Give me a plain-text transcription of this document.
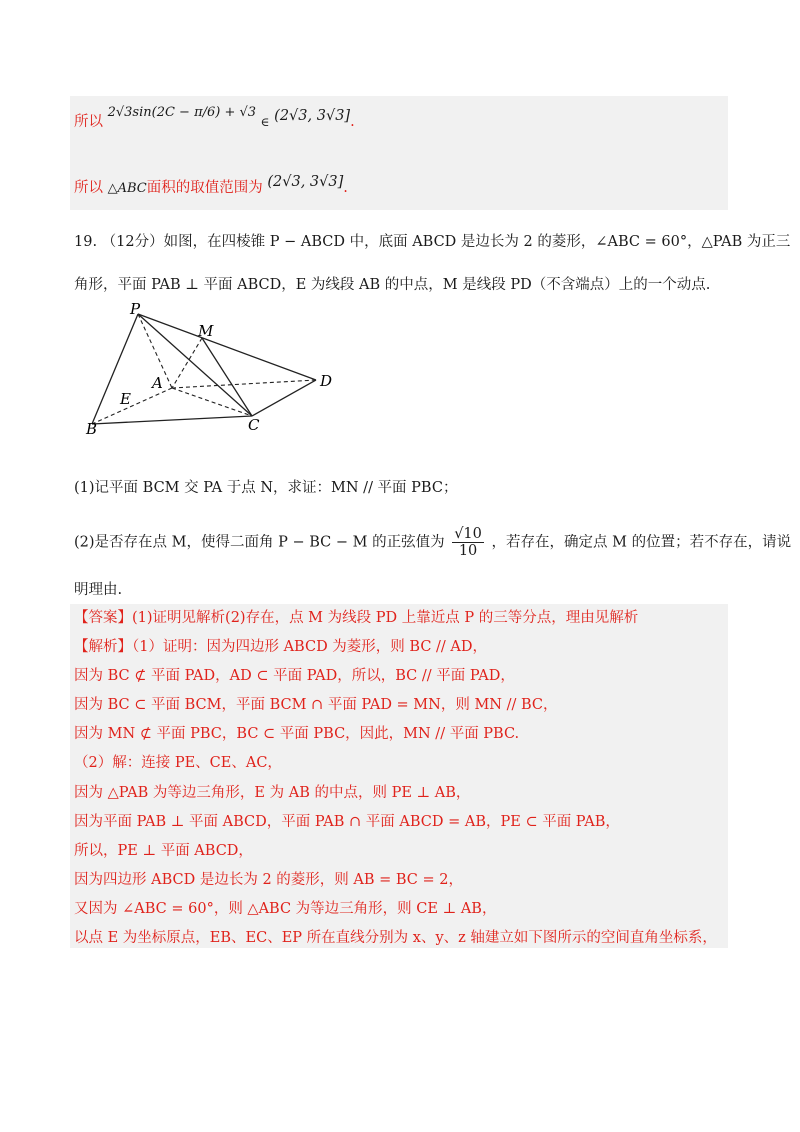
所以 2√3sin(2C − π/6) + √3 ∈ (2√3, 3√3].
所以 △ABC面积的取值范围为 (2√3, 3√3].
19. （12分）如图，在四棱锥 P − ABCD 中，底面 ABCD 是边长为 2 的菱形，∠ABC = 60°，△PAB 为正三
角形，平面 PAB ⊥ 平面 ABCD，E 为线段 AB 的中点，M 是线段 PD（不含端点）上的一个动点.
P
M
A
E
D
B	C
(1)记平面 BCM 交 PA 于点 N，求证：MN // 平面 PBC；
(2)是否存在点 M，使得二面角 P − BC − M 的正弦值为 $\frac{√10}{10}$ ，若存在，确定点 M 的位置；若不存在，请说
明理由.
【答案】(1)证明见解析(2)存在，点 M 为线段 PD 上靠近点 P 的三等分点，理由见解析
【解析】（1）证明：因为四边形 ABCD 为菱形，则 BC // AD，
因为 BC ⊄ 平面 PAD，AD ⊂ 平面 PAD，所以，BC // 平面 PAD，
因为 BC ⊂ 平面 BCM，平面 BCM ∩ 平面 PAD = MN，则 MN // BC，
因为 MN ⊄ 平面 PBC，BC ⊂ 平面 PBC，因此，MN // 平面 PBC.
（2）解：连接 PE、CE、AC，
因为 △PAB 为等边三角形，E 为 AB 的中点，则 PE ⊥ AB，
因为平面 PAB ⊥ 平面 ABCD，平面 PAB ∩ 平面 ABCD = AB，PE ⊂ 平面 PAB，
所以，PE ⊥ 平面 ABCD，
因为四边形 ABCD 是边长为 2 的菱形，则 AB = BC = 2，
又因为 ∠ABC = 60°，则 △ABC 为等边三角形，则 CE ⊥ AB，
以点 E 为坐标原点，EB、EC、EP 所在直线分别为 x、y、z 轴建立如下图所示的空间直角坐标系，
